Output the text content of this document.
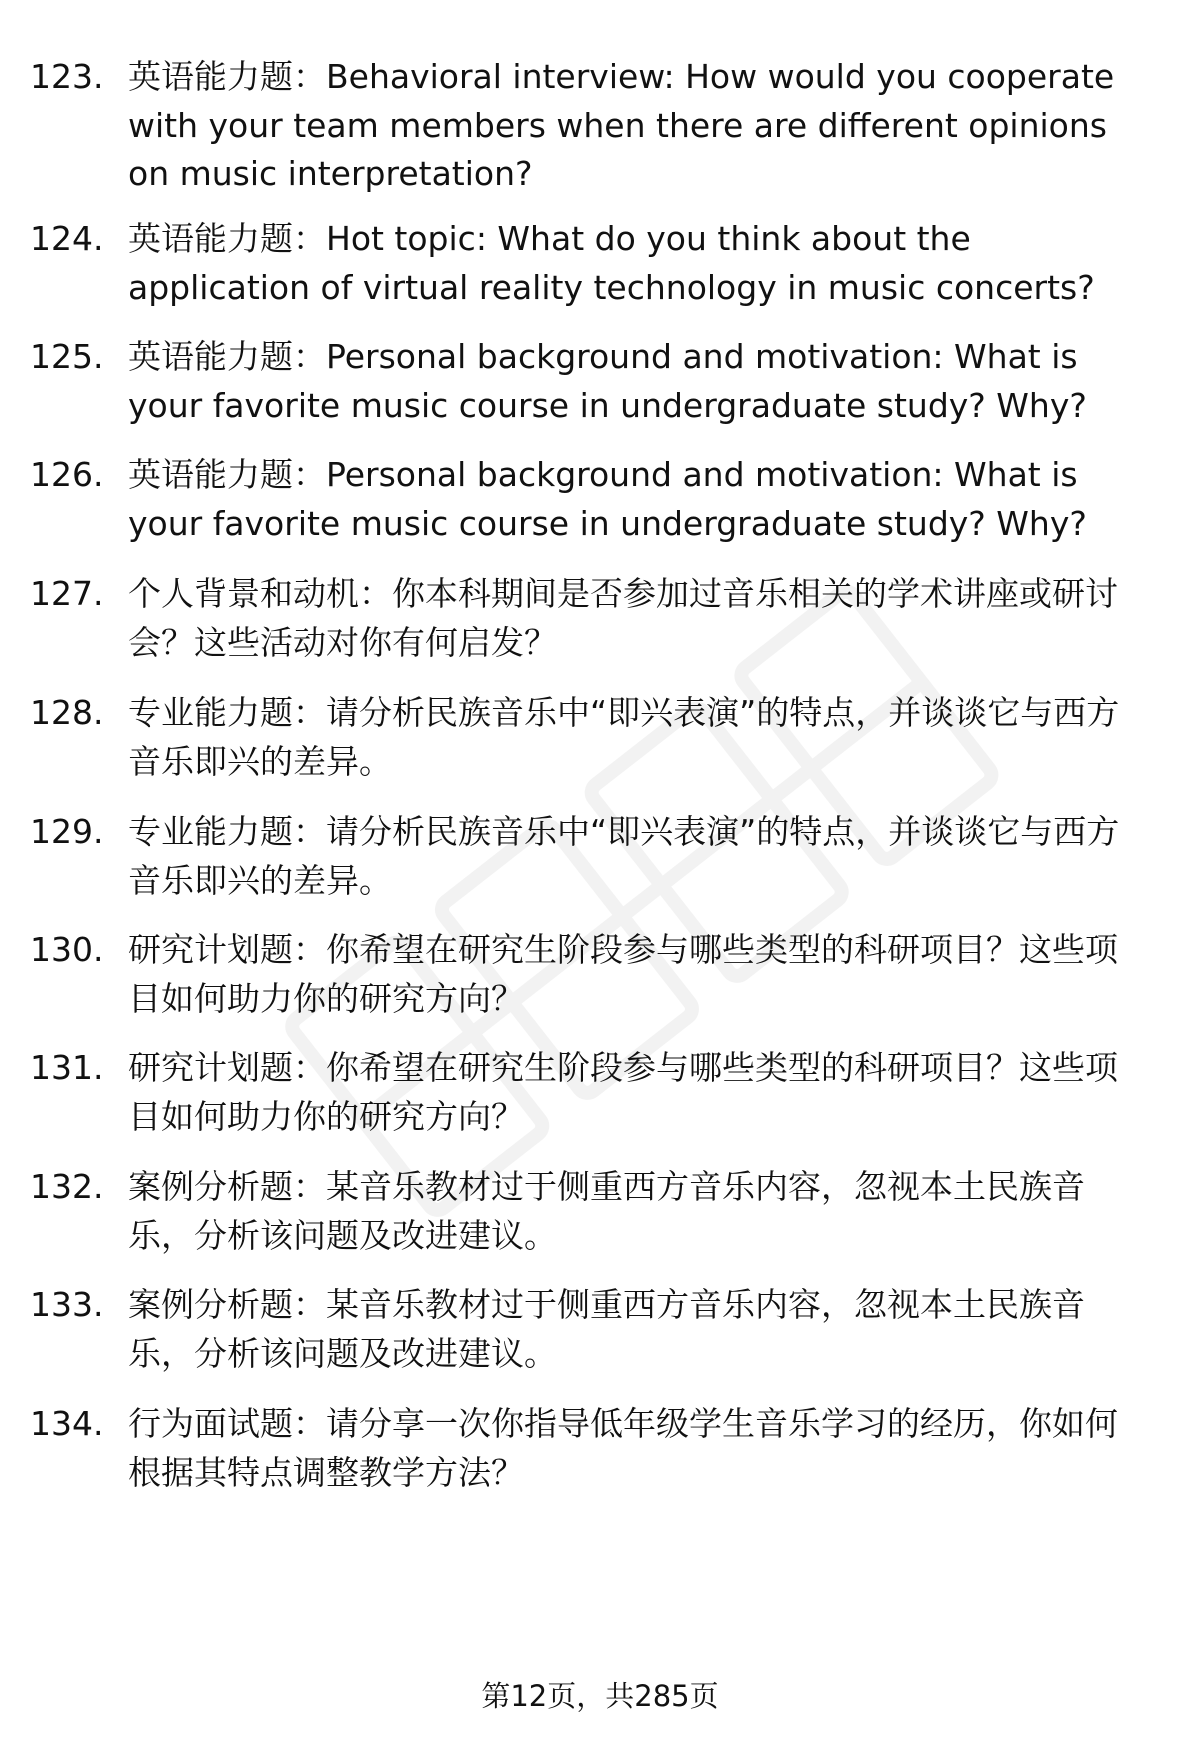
123. 英语能力题：Behavioral interview: How would you cooperate with your team members when there are different opinions on music interpretation?
124. 英语能力题：Hot topic: What do you think about the application of virtual reality technology in music concerts?
125. 英语能力题：Personal background and motivation: What is your favorite music course in undergraduate study? Why?
126. 英语能力题：Personal background and motivation: What is your favorite music course in undergraduate study? Why?
127. 个人背景和动机：你本科期间是否参加过音乐相关的学术讲座或研讨会？这些活动对你有何启发？
128. 专业能力题：请分析民族音乐中“即兴表演”的特点，并谈谈它与西方音乐即兴的差异。
129. 专业能力题：请分析民族音乐中“即兴表演”的特点，并谈谈它与西方音乐即兴的差异。
130. 研究计划题：你希望在研究生阶段参与哪些类型的科研项目？这些项目如何助力你的研究方向？
131. 研究计划题：你希望在研究生阶段参与哪些类型的科研项目？这些项目如何助力你的研究方向？
132. 案例分析题：某音乐教材过于侧重西方音乐内容，忽视本土民族音乐，分析该问题及改进建议。
133. 案例分析题：某音乐教材过于侧重西方音乐内容，忽视本土民族音乐，分析该问题及改进建议。
134. 行为面试题：请分享一次你指导低年级学生音乐学习的经历，你如何根据其特点调整教学方法？
第12页，共285页
